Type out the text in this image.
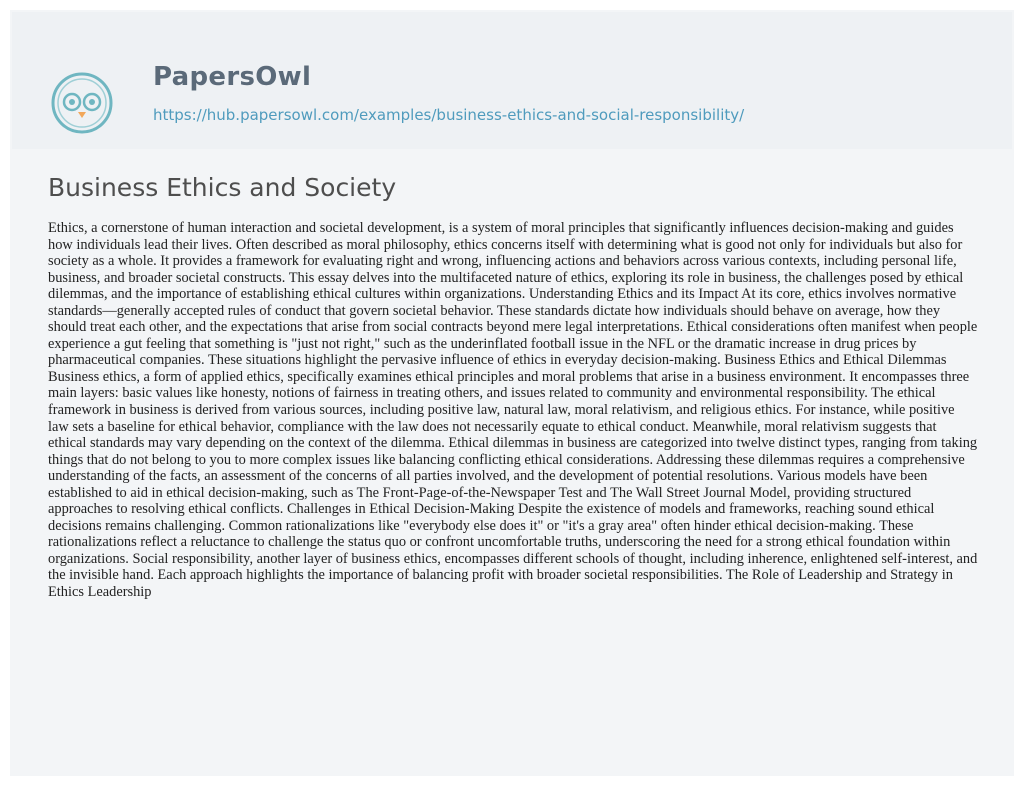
PapersOwl
https://hub.papersowl.com/examples/business-ethics-and-social-responsibility/
Business Ethics and Society

Ethics, a cornerstone of human interaction and societal development, is a system of moral principles that significantly influences decision-making and guides how individuals lead their lives. Often described as moral philosophy, ethics concerns itself with determining what is good not only for individuals but also for society as a whole. It provides a framework for evaluating right and wrong, influencing actions and behaviors across various contexts, including personal life, business, and broader societal constructs. This essay delves into the multifaceted nature of ethics, exploring its role in business, the challenges posed by ethical dilemmas, and the importance of establishing ethical cultures within organizations. Understanding Ethics and its Impact At its core, ethics involves normative standards—generally accepted rules of conduct that govern societal behavior. These standards dictate how individuals should behave on average, how they should treat each other, and the expectations that arise from social contracts beyond mere legal interpretations. Ethical considerations often manifest when people experience a gut feeling that something is "just not right," such as the underinflated football issue in the NFL or the dramatic increase in drug prices by pharmaceutical companies. These situations highlight the pervasive influence of ethics in everyday decision-making. Business Ethics and Ethical Dilemmas Business ethics, a form of applied ethics, specifically examines ethical principles and moral problems that arise in a business environment. It encompasses three main layers: basic values like honesty, notions of fairness in treating others, and issues related to community and environmental responsibility. The ethical framework in business is derived from various sources, including positive law, natural law, moral relativism, and religious ethics. For instance, while positive law sets a baseline for ethical behavior, compliance with the law does not necessarily equate to ethical conduct. Meanwhile, moral relativism suggests that ethical standards may vary depending on the context of the dilemma. Ethical dilemmas in business are categorized into twelve distinct types, ranging from taking things that do not belong to you to more complex issues like balancing conflicting ethical considerations. Addressing these dilemmas requires a comprehensive understanding of the facts, an assessment of the concerns of all parties involved, and the development of potential resolutions. Various models have been established to aid in ethical decision-making, such as The Front-Page-of-the-Newspaper Test and The Wall Street Journal Model, providing structured approaches to resolving ethical conflicts. Challenges in Ethical Decision-Making Despite the existence of models and frameworks, reaching sound ethical decisions remains challenging. Common rationalizations like "everybody else does it" or "it's a gray area" often hinder ethical decision-making. These rationalizations reflect a reluctance to challenge the status quo or confront uncomfortable truths, underscoring the need for a strong ethical foundation within organizations. Social responsibility, another layer of business ethics, encompasses different schools of thought, including inherence, enlightened self-interest, and the invisible hand. Each approach highlights the importance of balancing profit with broader societal responsibilities. The Role of Leadership and Strategy in Ethics Leadership
